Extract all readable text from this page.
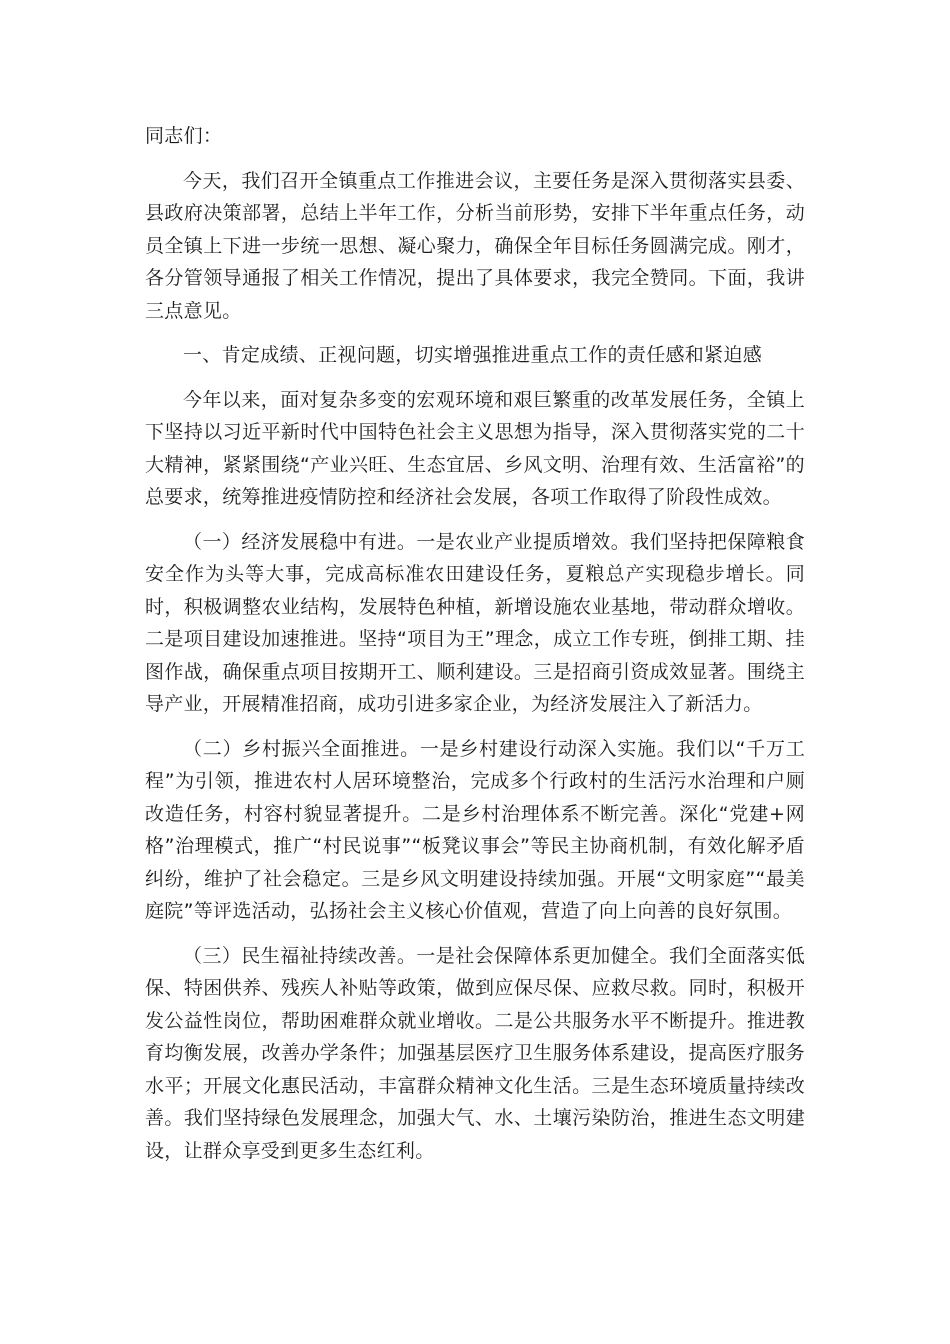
同志们：

今天，我们召开全镇重点工作推进会议，主要任务是深入贯彻落实县委、县政府决策部署，总结上半年工作，分析当前形势，安排下半年重点任务，动员全镇上下进一步统一思想、凝心聚力，确保全年目标任务圆满完成。刚才，各分管领导通报了相关工作情况，提出了具体要求，我完全赞同。下面，我讲三点意见。

一、肯定成绩、正视问题，切实增强推进重点工作的责任感和紧迫感

今年以来，面对复杂多变的宏观环境和艰巨繁重的改革发展任务，全镇上下坚持以习近平新时代中国特色社会主义思想为指导，深入贯彻落实党的二十大精神，紧紧围绕“产业兴旺、生态宜居、乡风文明、治理有效、生活富裕”的总要求，统筹推进疫情防控和经济社会发展，各项工作取得了阶段性成效。

（一）经济发展稳中有进。一是农业产业提质增效。我们坚持把保障粮食安全作为头等大事，完成高标准农田建设任务，夏粮总产实现稳步增长。同时，积极调整农业结构，发展特色种植，新增设施农业基地，带动群众增收。二是项目建设加速推进。坚持“项目为王”理念，成立工作专班，倒排工期、挂图作战，确保重点项目按期开工、顺利建设。三是招商引资成效显著。围绕主导产业，开展精准招商，成功引进多家企业，为经济发展注入了新活力。

（二）乡村振兴全面推进。一是乡村建设行动深入实施。我们以“千万工程”为引领，推进农村人居环境整治，完成多个行政村的生活污水治理和户厕改造任务，村容村貌显著提升。二是乡村治理体系不断完善。深化“党建+网格”治理模式，推广“村民说事”“板凳议事会”等民主协商机制，有效化解矛盾纠纷，维护了社会稳定。三是乡风文明建设持续加强。开展“文明家庭”“最美庭院”等评选活动，弘扬社会主义核心价值观，营造了向上向善的良好氛围。

（三）民生福祉持续改善。一是社会保障体系更加健全。我们全面落实低保、特困供养、残疾人补贴等政策，做到应保尽保、应救尽救。同时，积极开发公益性岗位，帮助困难群众就业增收。二是公共服务水平不断提升。推进教育均衡发展，改善办学条件；加强基层医疗卫生服务体系建设，提高医疗服务水平；开展文化惠民活动，丰富群众精神文化生活。三是生态环境质量持续改善。我们坚持绿色发展理念，加强大气、水、土壤污染防治，推进生态文明建设，让群众享受到更多生态红利。
